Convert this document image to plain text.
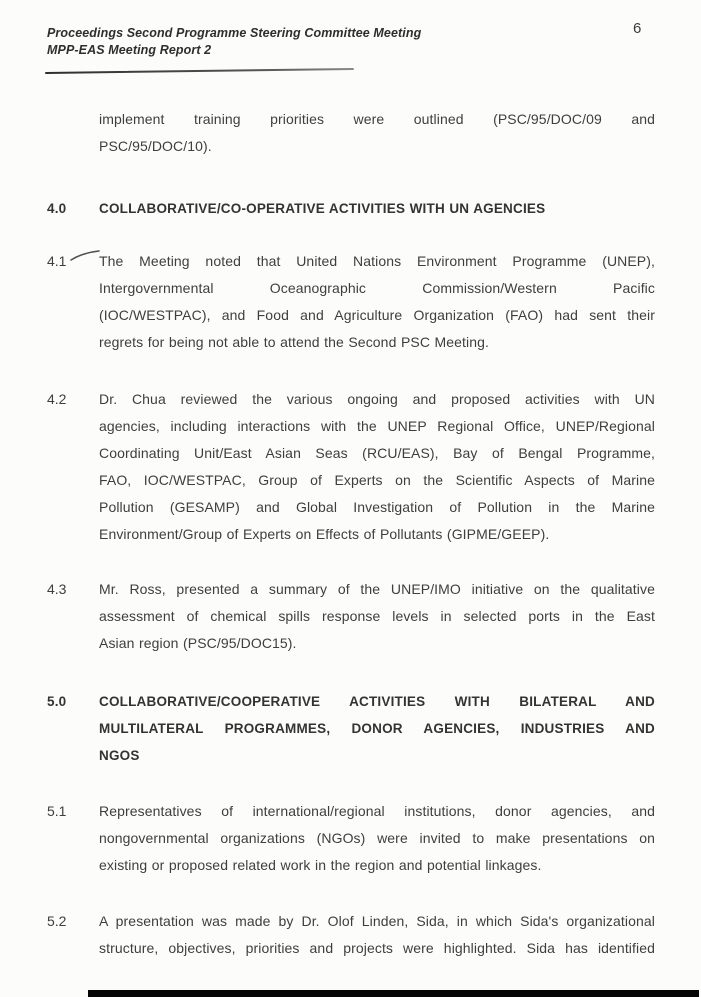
Proceedings Second Programme Steering Committee Meeting
MPP-EAS Meeting Report 2
6
implement training priorities were outlined (PSC/95/DOC/09 and
PSC/95/DOC/10).
4.0	COLLABORATIVE/CO-OPERATIVE ACTIVITIES WITH UN AGENCIES
4.1	The Meeting noted that United Nations Environment Programme (UNEP),
Intergovernmental Oceanographic Commission/Western Pacific
(IOC/WESTPAC), and Food and Agriculture Organization (FAO) had sent their
regrets for being not able to attend the Second PSC Meeting.
4.2	Dr. Chua reviewed the various ongoing and proposed activities with UN
agencies, including interactions with the UNEP Regional Office, UNEP/Regional
Coordinating Unit/East Asian Seas (RCU/EAS), Bay of Bengal Programme,
FAO, IOC/WESTPAC, Group of Experts on the Scientific Aspects of Marine
Pollution (GESAMP) and Global Investigation of Pollution in the Marine
Environment/Group of Experts on Effects of Pollutants (GIPME/GEEP).
4.3	Mr. Ross, presented a summary of the UNEP/IMO initiative on the qualitative
assessment of chemical spills response levels in selected ports in the East
Asian region (PSC/95/DOC15).
5.0	COLLABORATIVE/COOPERATIVE ACTIVITIES WITH BILATERAL AND
MULTILATERAL PROGRAMMES, DONOR AGENCIES, INDUSTRIES AND
NGOS
5.1	Representatives of international/regional institutions, donor agencies, and
nongovernmental organizations (NGOs) were invited to make presentations on
existing or proposed related work in the region and potential linkages.
5.2	A presentation was made by Dr. Olof Linden, Sida, in which Sida's organizational
structure, objectives, priorities and projects were highlighted. Sida has identified
